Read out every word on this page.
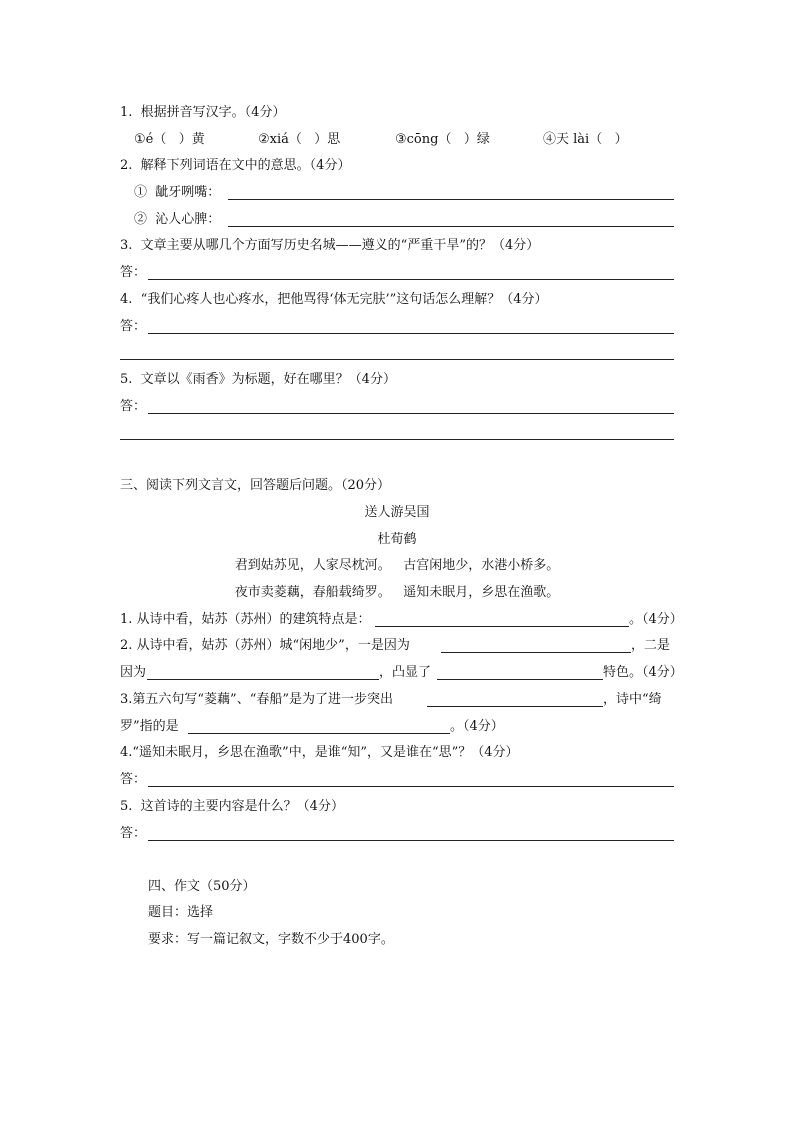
1.  根据拼音写汉字。（4分）
①é（   ）黄	②xiá（   ）思	③cōng（   ）绿	④天 lài（   ）
2.  解释下列词语在文中的意思。（4分）
①  龇牙咧嘴：
②  沁人心脾：
3.  文章主要从哪几个方面写历史名城——遵义的“严重干旱”的？（4分）
答：
4.  “我们心疼人也心疼水，把他骂得‘体无完肤’”这句话怎么理解？（4分）
答：
5.  文章以《雨香》为标题，好在哪里？（4分）
答：
三、阅读下列文言文，回答题后问题。（20分）
送人游吴国
杜荀鹤
君到姑苏见，人家尽枕河。   古宫闲地少，水港小桥多。
夜市卖菱藕，春船载绮罗。   遥知未眠月，乡思在渔歌。
1. 从诗中看，姑苏（苏州）的建筑特点是：	。（4分）
2. 从诗中看，姑苏（苏州）城“闲地少”，一是因为	，二是
因为	，凸显了	特色。（4分）
3.第五六句写“菱藕”、“春船”是为了进一步突出	，诗中“绮
罗”指的是	。（4分）
4.“遥知未眠月，乡思在渔歌”中，是谁“知”，又是谁在“思”？（4分）
答：
5.  这首诗的主要内容是什么？（4分）
答：
四、作文（50分）
题目：选择
要求：写一篇记叙文，字数不少于400字。
